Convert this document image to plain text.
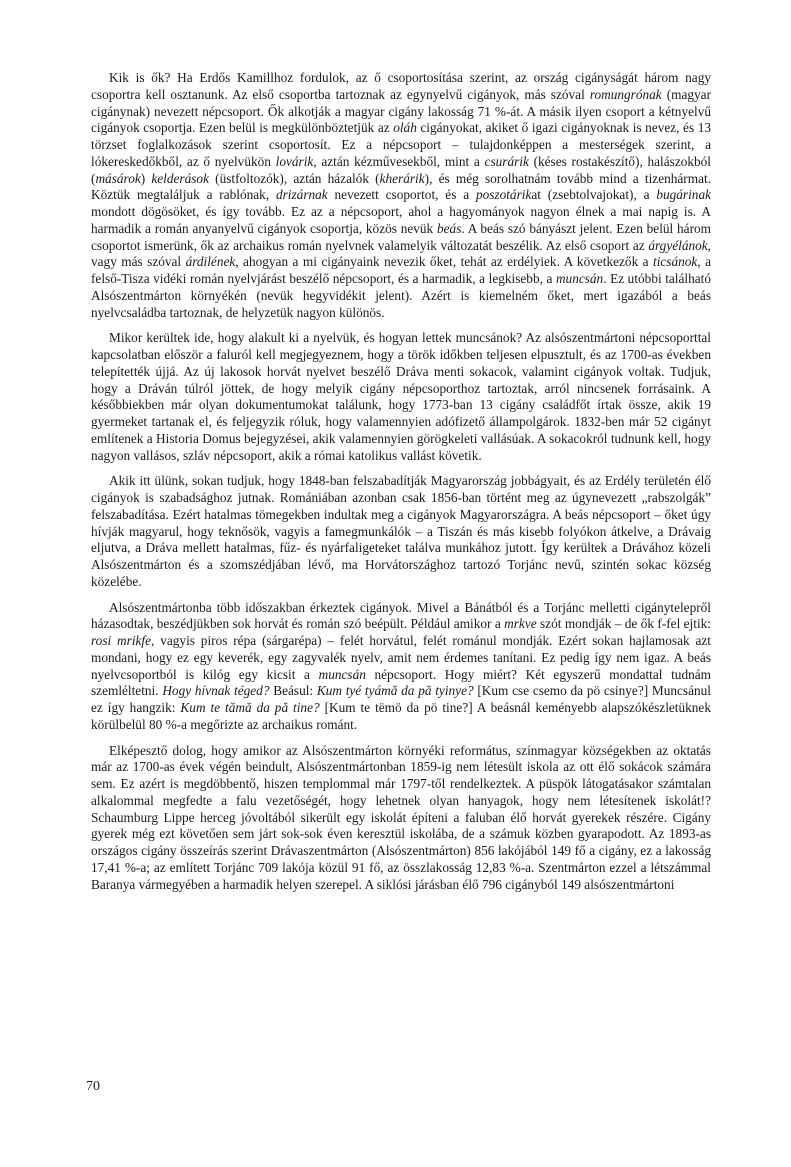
Kik is ők? Ha Erdős Kamillhoz fordulok, az ő csoportosítása szerint, az ország cigányságát három nagy csoportra kell osztanunk. Az első csoportba tartoznak az egynyelvű cigányok, más szóval romungrónak (magyar cigánynak) nevezett népcsoport. Ők alkotják a magyar cigány lakosság 71 %-át. A másik ilyen csoport a kétnyelvű cigányok csoportja. Ezen belül is megkülönböztetjük az oláh cigányokat, akiket ő igazi cigányoknak is nevez, és 13 törzset foglalkozások szerint csoportosít. Ez a népcsoport – tulajdonképpen a mesterségek szerint, a lókereskedőkből, az ő nyelvükön lovárik, aztán kézművesekből, mint a csurárik (késes rostakészítő), halászokból (másárok) kelderások (üstfoltozók), aztán házalók (kherárik), és még sorolhatnám tovább mind a tizenhármat. Köztük megtaláljuk a rablónak, drizárnak nevezett csoportot, és a poszotárikat (zsebtolvajokat), a bugárinak mondott dögösöket, és így tovább. Ez az a népcsoport, ahol a hagyományok nagyon élnek a mai napig is. A harmadik a román anyanyelvű cigányok csoportja, közös nevük beás. A beás szó bányászt jelent. Ezen belül három csoportot ismerünk, ők az archaikus román nyelvnek valamelyik változatát beszélik. Az első csoport az árgyélánok, vagy más szóval árdilének, ahogyan a mi cigányaink nevezik őket, tehát az erdélyiek. A következők a ticsánok, a felső-Tisza vidéki román nyelvjárást beszélő népcsoport, és a harmadik, a legkisebb, a muncsán. Ez utóbbi található Alsószentmárton környékén (nevük hegyvidékit jelent). Azért is kiemelném őket, mert igazából a beás nyelvcsaládba tartoznak, de helyzetük nagyon különös.

Mikor kerültek ide, hogy alakult ki a nyelvük, és hogyan lettek muncsánok? Az alsószentmártoni népcsoporttal kapcsolatban először a faluról kell megjegyeznem, hogy a török időkben teljesen elpusztult, és az 1700-as években telepítették újjá. Az új lakosok horvát nyelvet beszélő Dráva menti sokacok, valamint cigányok voltak. Tudjuk, hogy a Dráván túlról jöttek, de hogy melyik cigány népcsoporthoz tartoztak, arról nincsenek forrásaink. A későbbiekben már olyan dokumentumokat találunk, hogy 1773-ban 13 cigány családfőt írtak össze, akik 19 gyermeket tartanak el, és feljegyzik róluk, hogy valamennyien adófizető állampolgárok. 1832-ben már 52 cigányt említenek a Historia Domus bejegyzései, akik valamennyien görögkeleti vallásúak. A sokacokról tudnunk kell, hogy nagyon vallásos, szláv népcsoport, akik a római katolikus vallást követik.

Akik itt ülünk, sokan tudjuk, hogy 1848-ban felszabadítják Magyarország jobbágyait, és az Erdély területén élő cigányok is szabadsághoz jutnak. Romániában azonban csak 1856-ban történt meg az úgynevezett „rabszolgák” felszabadítása. Ezért hatalmas tömegekben indultak meg a cigányok Magyarországra. A beás népcsoport – őket úgy hívják magyarul, hogy teknősök, vagyis a famegmunkálók – a Tiszán és más kisebb folyókon átkelve, a Drávaig eljutva, a Dráva mellett hatalmas, fűz- és nyárfaligeteket találva munkához jutott. Így kerültek a Drávához közeli Alsószentmárton és a szomszédjában lévő, ma Horvátországhoz tartozó Torjánc nevű, szintén sokac község közelébe.

Alsószentmártonba több időszakban érkeztek cigányok. Mivel a Bánátból és a Torjánc melletti cigánytelepről házasodtak, beszédjükben sok horvát és román szó beépült. Például amikor a mrkve szót mondják – de ők f-fel ejtik: rosi mrikfe, vagyis piros répa (sárgarépa) – felét horvátul, felét románul mondják. Ezért sokan hajlamosak azt mondani, hogy ez egy keverék, egy zagyvalék nyelv, amit nem érdemes tanítani. Ez pedig így nem igaz. A beás nyelvcsoportból is kilóg egy kicsit a muncsán népcsoport. Hogy miért? Két egyszerű mondattal tudnám szemléltetni. Hogy hívnak téged? Beásul: Kum tyé tyámă da pă tyinye? [Kum cse csemo da pö csinye?] Muncsánul ez így hangzik: Kum te tămă da pă tine? [Kum te tëmö da pö tine?] A beásnál keményebb alapszókészletüknek körülbelül 80 %-a megőrizte az archaikus románt.

Elképesztő dolog, hogy amikor az Alsószentmárton környéki református, színmagyar községekben az oktatás már az 1700-as évek végén beindult, Alsószentmártonban 1859-ig nem létesült iskola az ott élő sokácok számára sem. Ez azért is megdöbbentő, hiszen templommal már 1797-től rendelkeztek. A püspök látogatásakor számtalan alkalommal megfedte a falu vezetőségét, hogy lehetnek olyan hanyagok, hogy nem létesítenek iskolát!? Schaumburg Lippe herceg jóvoltából sikerült egy iskolát építeni a faluban élő horvát gyerekek részére. Cigány gyerek még ezt követően sem járt sok-sok éven keresztül iskolába, de a számuk közben gyarapodott. Az 1893-as országos cigány összeírás szerint Drávaszentmárton (Alsószentmárton) 856 lakójából 149 fő a cigány, ez a lakosság 17,41 %-a; az említett Torjánc 709 lakója közül 91 fő, az összlakosság 12,83 %-a. Szentmárton ezzel a létszámmal Baranya vármegyében a harmadik helyen szerepel. A siklósi járásban élő 796 cigányból 149 alsószentmártoni

70
